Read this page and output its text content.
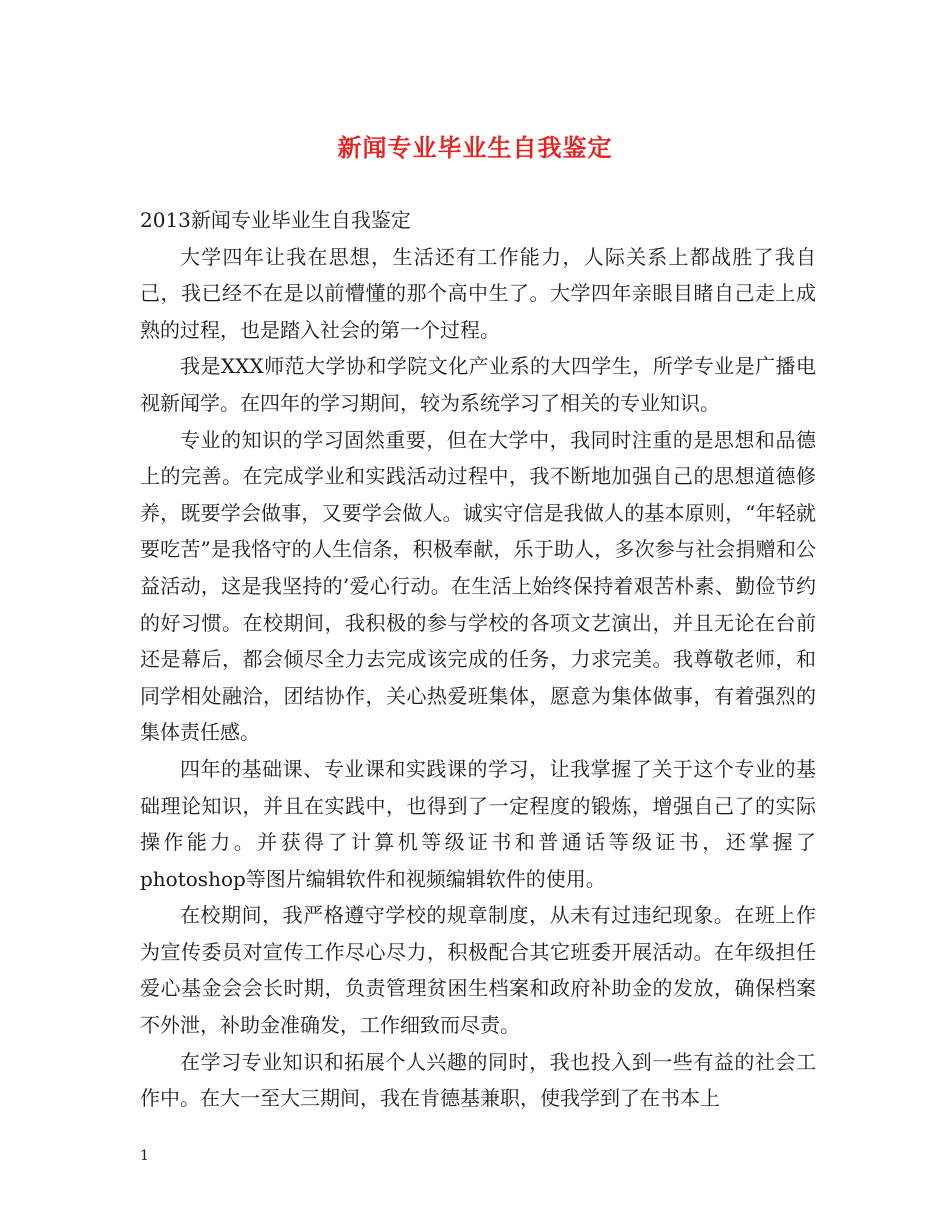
新闻专业毕业生自我鉴定

2013新闻专业毕业生自我鉴定

大学四年让我在思想，生活还有工作能力，人际关系上都战胜了我自己，我已经不在是以前懵懂的那个高中生了。大学四年亲眼目睹自己走上成熟的过程，也是踏入社会的第一个过程。

我是XXX师范大学协和学院文化产业系的大四学生，所学专业是广播电视新闻学。在四年的学习期间，较为系统学习了相关的专业知识。

专业的知识的学习固然重要，但在大学中，我同时注重的是思想和品德上的完善。在完成学业和实践活动过程中，我不断地加强自己的思想道德修养，既要学会做事，又要学会做人。诚实守信是我做人的基本原则，“年轻就要吃苦”是我恪守的人生信条，积极奉献，乐于助人，多次参与社会捐赠和公益活动，这是我坚持的’爱心行动。在生活上始终保持着艰苦朴素、勤俭节约的好习惯。在校期间，我积极的参与学校的各项文艺演出，并且无论在台前还是幕后，都会倾尽全力去完成该完成的任务，力求完美。我尊敬老师，和同学相处融洽，团结协作，关心热爱班集体，愿意为集体做事，有着强烈的集体责任感。

四年的基础课、专业课和实践课的学习，让我掌握了关于这个专业的基础理论知识，并且在实践中，也得到了一定程度的锻炼，增强自己了的实际操作能力。并获得了计算机等级证书和普通话等级证书，还掌握了photoshop等图片编辑软件和视频编辑软件的使用。

在校期间，我严格遵守学校的规章制度，从未有过违纪现象。在班上作为宣传委员对宣传工作尽心尽力，积极配合其它班委开展活动。在年级担任爱心基金会会长时期，负责管理贫困生档案和政府补助金的发放，确保档案不外泄，补助金准确发，工作细致而尽责。

在学习专业知识和拓展个人兴趣的同时，我也投入到一些有益的社会工作中。在大一至大三期间，我在肯德基兼职，使我学到了在书本上

1
